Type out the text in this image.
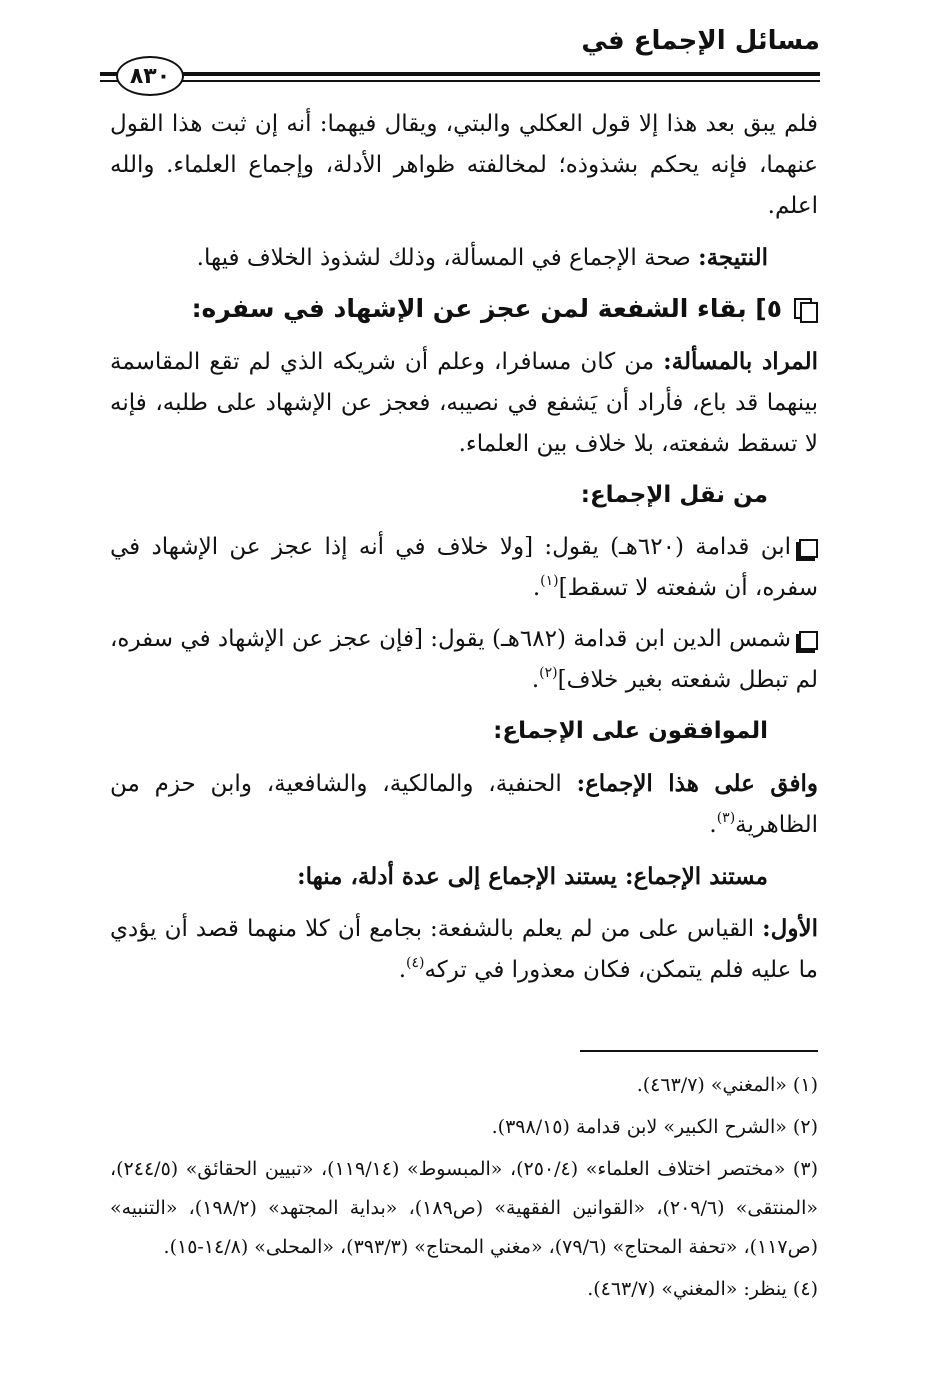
مسائل الإجماع في
٨٣٠

فلم يبق بعد هذا إلا قول العكلي والبتي، ويقال فيهما: أنه إن ثبت هذا القول عنهما، فإنه يحكم بشذوذه؛ لمخالفته ظواهر الأدلة، وإجماع العلماء. والله اعلم.

النتيجة: صحة الإجماع في المسألة، وذلك لشذوذ الخلاف فيها.

٥] بقاء الشفعة لمن عجز عن الإشهاد في سفره:

المراد بالمسألة: من كان مسافرا، وعلم أن شريكه الذي لم تقع المقاسمة بينهما قد باع، فأراد أن يَشفع في نصيبه، فعجز عن الإشهاد على طلبه، فإنه لا تسقط شفعته، بلا خلاف بين العلماء.

من نقل الإجماع:

ابن قدامة (٦٢٠هـ) يقول: [ولا خلاف في أنه إذا عجز عن الإشهاد في سفره، أن شفعته لا تسقط]$^{(١)}$.

شمس الدين ابن قدامة (٦٨٢هـ) يقول: [فإن عجز عن الإشهاد في سفره، لم تبطل شفعته بغير خلاف]$^{(٢)}$.

الموافقون على الإجماع:

وافق على هذا الإجماع: الحنفية، والمالكية، والشافعية، وابن حزم من الظاهرية$^{(٣)}$.

مستند الإجماع: يستند الإجماع إلى عدة أدلة، منها:

الأول: القياس على من لم يعلم بالشفعة: بجامع أن كلا منهما قصد أن يؤدي ما عليه فلم يتمكن، فكان معذورا في تركه$^{(٤)}$.

(١) «المغني» (٤٦٣/٧).

(٢) «الشرح الكبير» لابن قدامة (٣٩٨/١٥).

(٣) «مختصر اختلاف العلماء» (٢٥٠/٤)، «المبسوط» (١١٩/١٤)، «تبيين الحقائق» (٢٤٤/٥)، «المنتقى» (٢٠٩/٦)، «القوانين الفقهية» (ص١٨٩)، «بداية المجتهد» (١٩٨/٢)، «التنبيه» (ص١١٧)، «تحفة المحتاج» (٧٩/٦)، «مغني المحتاج» (٣٩٣/٣)، «المحلى» (١٤/٨-١٥).

(٤) ينظر: «المغني» (٤٦٣/٧).
